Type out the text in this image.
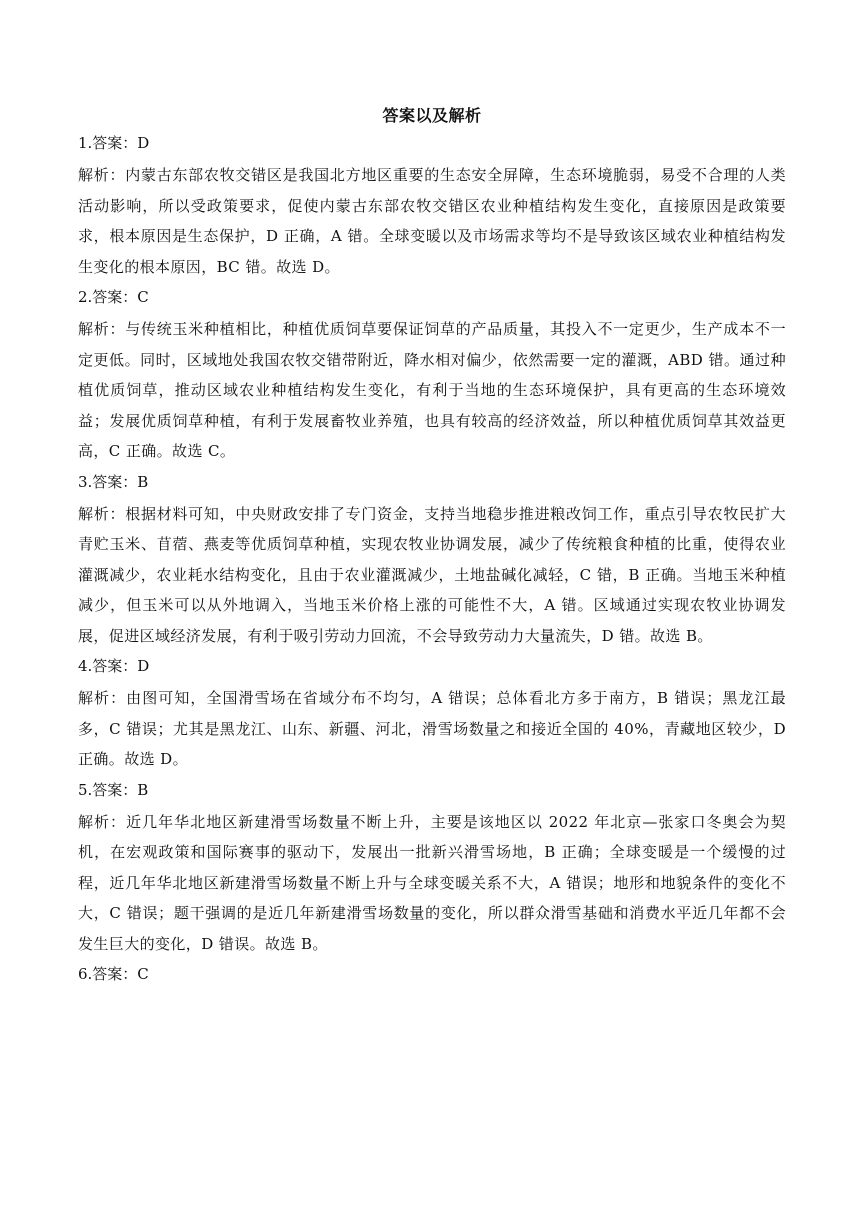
答案以及解析
1.答案：D
解析：内蒙古东部农牧交错区是我国北方地区重要的生态安全屏障，生态环境脆弱，易受不合理的人类活动影响，所以受政策要求，促使内蒙古东部农牧交错区农业种植结构发生变化，直接原因是政策要求，根本原因是生态保护，D 正确，A 错。全球变暖以及市场需求等均不是导致该区域农业种植结构发生变化的根本原因，BC 错。故选 D。
2.答案：C
解析：与传统玉米种植相比，种植优质饲草要保证饲草的产品质量，其投入不一定更少，生产成本不一定更低。同时，区域地处我国农牧交错带附近，降水相对偏少，依然需要一定的灌溉，ABD 错。通过种植优质饲草，推动区域农业种植结构发生变化，有利于当地的生态环境保护，具有更高的生态环境效益；发展优质饲草种植，有利于发展畜牧业养殖，也具有较高的经济效益，所以种植优质饲草其效益更高，C 正确。故选 C。
3.答案：B
解析：根据材料可知，中央财政安排了专门资金，支持当地稳步推进粮改饲工作，重点引导农牧民扩大青贮玉米、苜蓿、燕麦等优质饲草种植，实现农牧业协调发展，减少了传统粮食种植的比重，使得农业灌溉减少，农业耗水结构变化，且由于农业灌溉减少，土地盐碱化减轻，C 错，B 正确。当地玉米种植减少，但玉米可以从外地调入，当地玉米价格上涨的可能性不大，A 错。区域通过实现农牧业协调发展，促进区域经济发展，有利于吸引劳动力回流，不会导致劳动力大量流失，D 错。故选 B。
4.答案：D
解析：由图可知，全国滑雪场在省域分布不均匀，A 错误；总体看北方多于南方，B 错误；黑龙江最多，C 错误；尤其是黑龙江、山东、新疆、河北，滑雪场数量之和接近全国的 40%，青藏地区较少，D 正确。故选 D。
5.答案：B
解析：近几年华北地区新建滑雪场数量不断上升，主要是该地区以 2022 年北京—张家口冬奥会为契机，在宏观政策和国际赛事的驱动下，发展出一批新兴滑雪场地，B 正确；全球变暖是一个缓慢的过程，近几年华北地区新建滑雪场数量不断上升与全球变暖关系不大，A 错误；地形和地貌条件的变化不大，C 错误；题干强调的是近几年新建滑雪场数量的变化，所以群众滑雪基础和消费水平近几年都不会发生巨大的变化，D 错误。故选 B。
6.答案：C
